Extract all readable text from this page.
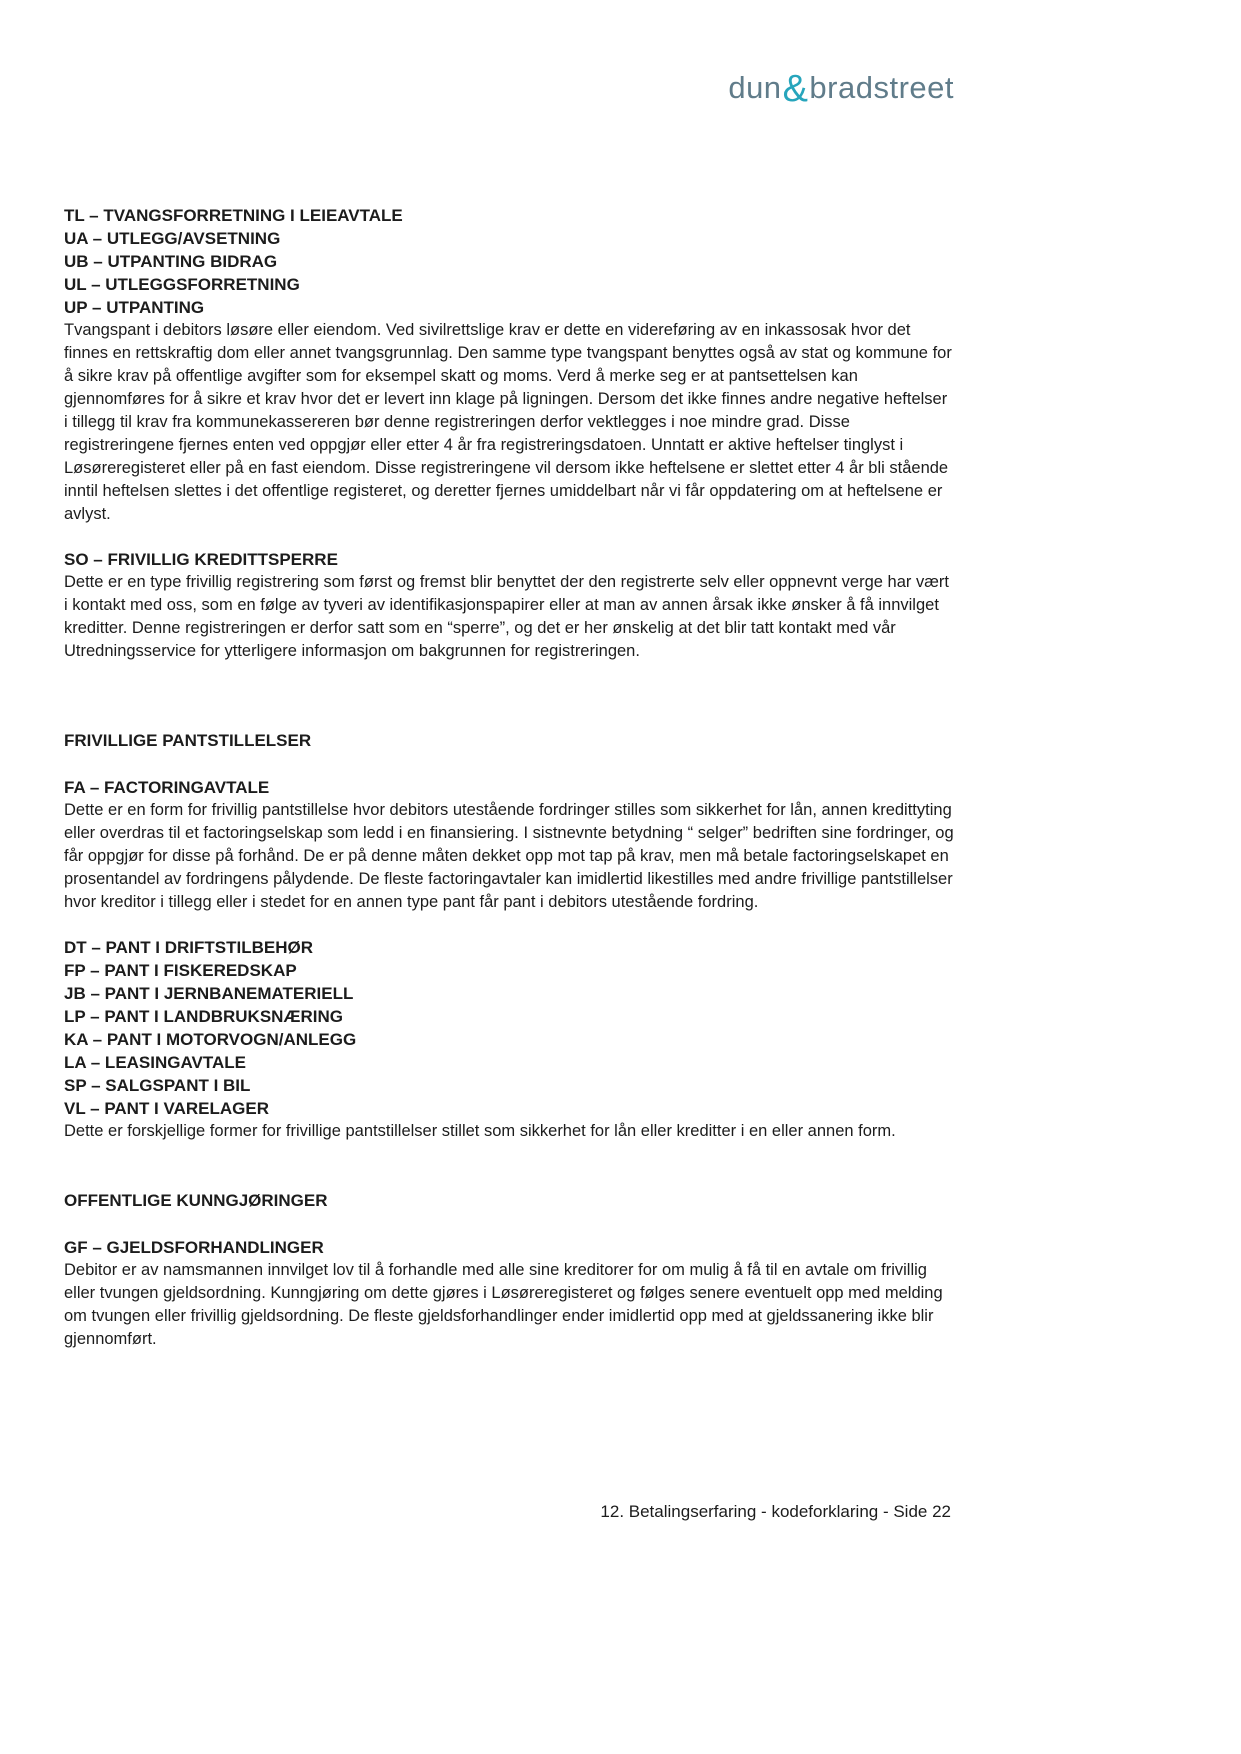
dun&bradstreet
TL – TVANGSFORRETNING I LEIEAVTALE
UA – UTLEGG/AVSETNING
UB – UTPANTING BIDRAG
UL – UTLEGGSFORRETNING
UP – UTPANTING

Tvangspant i debitors løsøre eller eiendom. Ved sivilrettslige krav er dette en videreføring av en inkassosak hvor det finnes en rettskraftig dom eller annet tvangsgrunnlag. Den samme type tvangspant benyttes også av stat og kommune for å sikre krav på offentlige avgifter som for eksempel skatt og moms. Verd å merke seg er at pantsettelsen kan gjennomføres for å sikre et krav hvor det er levert inn klage på ligningen. Dersom det ikke finnes andre negative heftelser i tillegg til krav fra kommunekassereren bør denne registreringen derfor vektlegges i noe mindre grad. Disse registreringene fjernes enten ved oppgjør eller etter 4 år fra registreringsdatoen. Unntatt er aktive heftelser tinglyst i Løsøreregisteret eller på en fast eiendom. Disse registreringene vil dersom ikke heftelsene er slettet etter 4 år bli stående inntil heftelsen slettes i det offentlige registeret, og deretter fjernes umiddelbart når vi får oppdatering om at heftelsene er avlyst.

SO – FRIVILLIG KREDITTSPERRE

Dette er en type frivillig registrering som først og fremst blir benyttet der den registrerte selv eller oppnevnt verge har vært i kontakt med oss, som en følge av tyveri av identifikasjonspapirer eller at man av annen årsak ikke ønsker å få innvilget kreditter. Denne registreringen er derfor satt som en “sperre”, og det er her ønskelig at det blir tatt kontakt med vår Utredningsservice for ytterligere informasjon om bakgrunnen for registreringen.

FRIVILLIGE PANTSTILLELSER
FA – FACTORINGAVTALE

Dette er en form for frivillig pantstillelse hvor debitors utestående fordringer stilles som sikkerhet for lån, annen kredittyting eller overdras til et factoringselskap som ledd i en finansiering. I sistnevnte betydning “ selger” bedriften sine fordringer, og får oppgjør for disse på forhånd. De er på denne måten dekket opp mot tap på krav, men må betale factoringselskapet en prosentandel av fordringens pålydende. De fleste factoringavtaler kan imidlertid likestilles med andre frivillige pantstillelser hvor kreditor i tillegg eller i stedet for en annen type pant får pant i debitors utestående fordring.

DT – PANT I DRIFTSTILBEHØR
FP – PANT I FISKEREDSKAP
JB – PANT I JERNBANEMATERIELL
LP – PANT I LANDBRUKSNÆRING
KA – PANT I MOTORVOGN/ANLEGG
LA – LEASINGAVTALE
SP – SALGSPANT I BIL
VL – PANT I VARELAGER

Dette er forskjellige former for frivillige pantstillelser stillet som sikkerhet for lån eller kreditter i en eller annen form.

OFFENTLIGE KUNNGJØRINGER
GF – GJELDSFORHANDLINGER

Debitor er av namsmannen innvilget lov til å forhandle med alle sine kreditorer for om mulig å få til en avtale om frivillig eller tvungen gjeldsordning. Kunngjøring om dette gjøres i Løsøreregisteret og følges senere eventuelt opp med melding om tvungen eller frivillig gjeldsordning. De fleste gjeldsforhandlinger ender imidlertid opp med at gjeldssanering ikke blir gjennomført.

12. Betalingserfaring - kodeforklaring - Side 22
